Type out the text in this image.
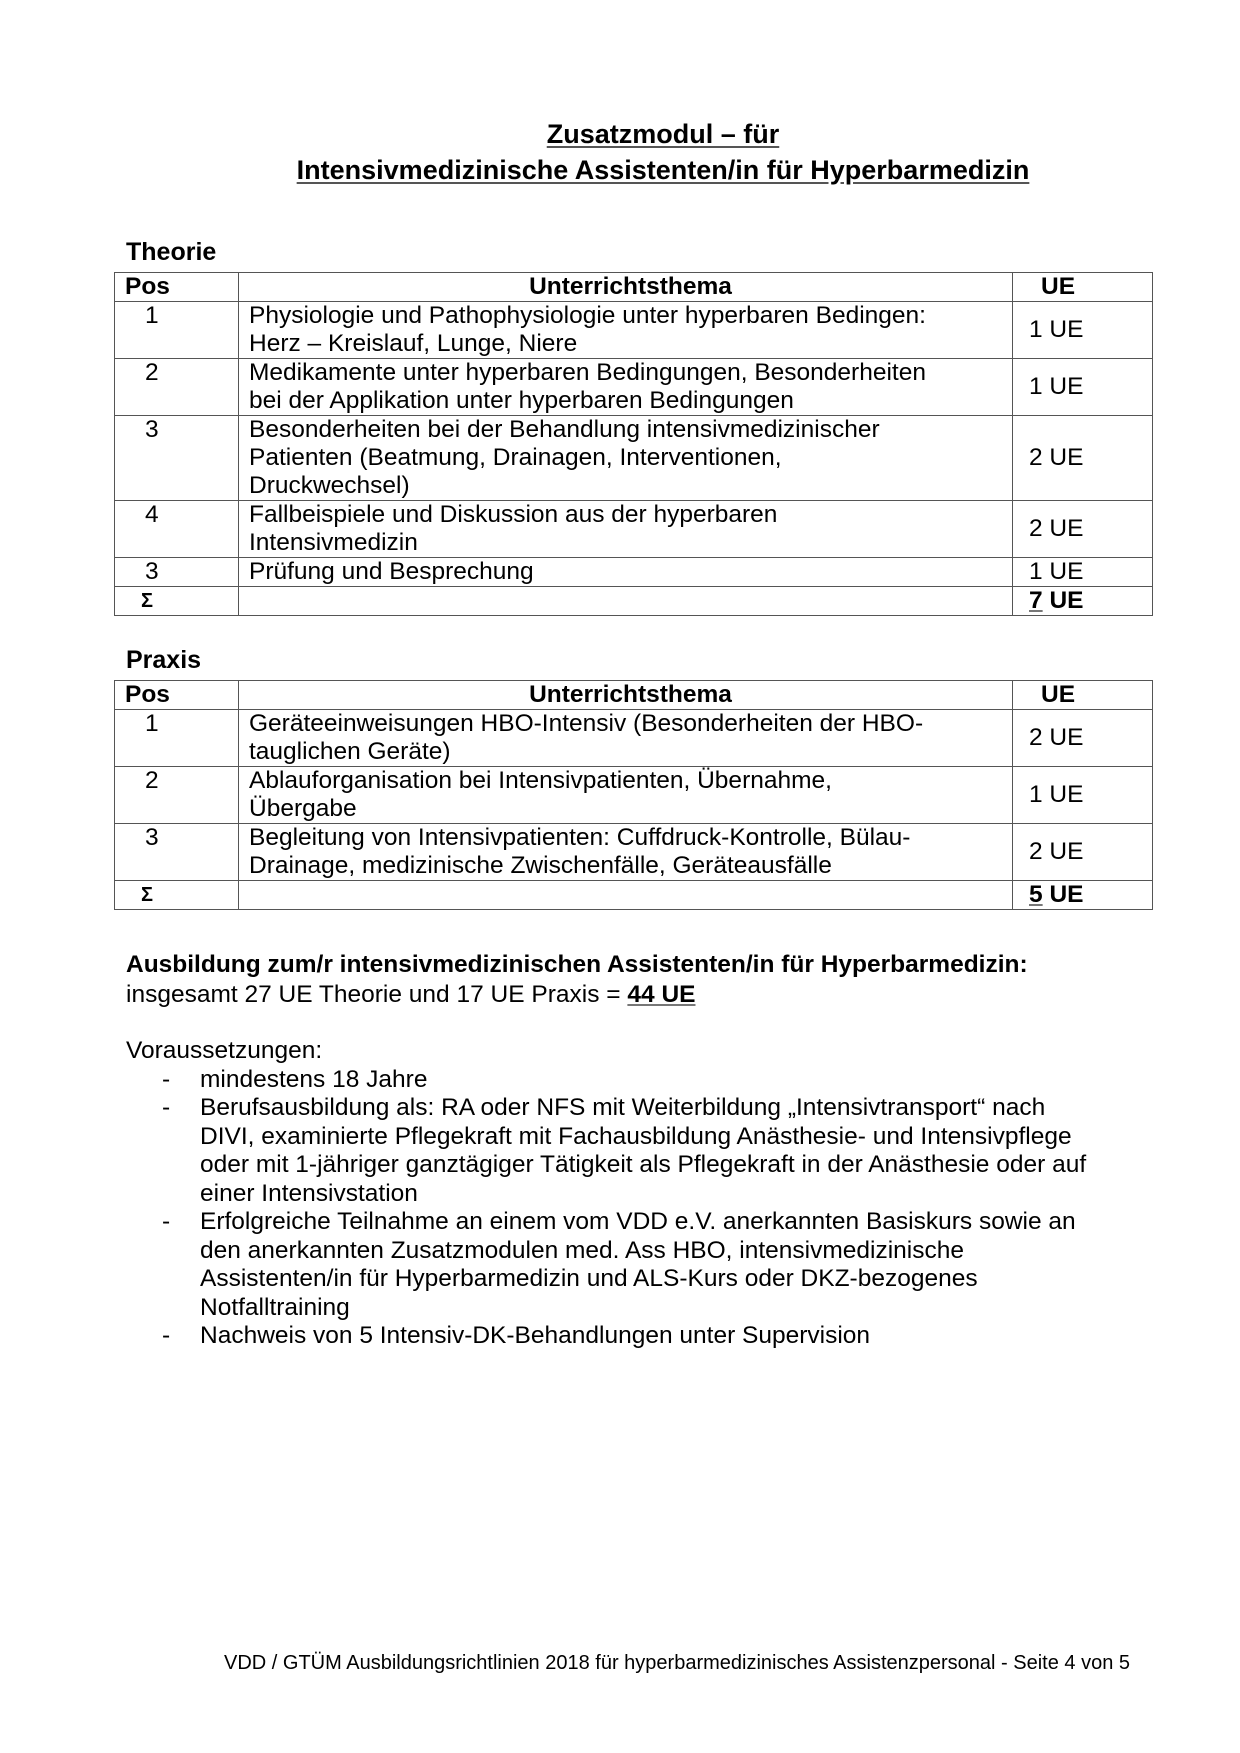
Zusatzmodul – für
Intensivmedizinische Assistenten/in für Hyperbarmedizin
Theorie
Pos	Unterrichtsthema	UE
1	Physiologie und Pathophysiologie unter hyperbaren Bedingen:
Herz – Kreislauf, Lunge, Niere	1 UE
2	Medikamente unter hyperbaren Bedingungen, Besonderheiten
bei der Applikation unter hyperbaren Bedingungen	1 UE
3	Besonderheiten bei der Behandlung intensivmedizinischer
Patienten (Beatmung, Drainagen, Interventionen,
Druckwechsel)	2 UE
4	Fallbeispiele und Diskussion aus der hyperbaren
Intensivmedizin	2 UE
3	Prüfung und Besprechung	1 UE
Σ		7 UE
Praxis
Pos	Unterrichtsthema	UE
1	Geräteeinweisungen HBO-Intensiv (Besonderheiten der HBO-
tauglichen Geräte)	2 UE
2	Ablauforganisation bei Intensivpatienten, Übernahme,
Übergabe	1 UE
3	Begleitung von Intensivpatienten: Cuffdruck-Kontrolle, Bülau-
Drainage, medizinische Zwischenfälle, Geräteausfälle	2 UE
Σ		5 UE
Ausbildung zum/r intensivmedizinischen Assistenten/in für Hyperbarmedizin:
insgesamt 27 UE Theorie und 17 UE Praxis = 44 UE
Voraussetzungen:
- mindestens 18 Jahre
- Berufsausbildung als: RA oder NFS mit Weiterbildung „Intensivtransport“ nach
DIVI, examinierte Pflegekraft mit Fachausbildung Anästhesie- und Intensivpflege
oder mit 1-jähriger ganztägiger Tätigkeit als Pflegekraft in der Anästhesie oder auf
einer Intensivstation
- Erfolgreiche Teilnahme an einem vom VDD e.V. anerkannten Basiskurs sowie an
den anerkannten Zusatzmodulen med. Ass HBO, intensivmedizinische
Assistenten/in für Hyperbarmedizin und ALS-Kurs oder DKZ-bezogenes
Notfalltraining
- Nachweis von 5 Intensiv-DK-Behandlungen unter Supervision
VDD / GTÜM Ausbildungsrichtlinien 2018 für hyperbarmedizinisches Assistenzpersonal - Seite 4 von 5
